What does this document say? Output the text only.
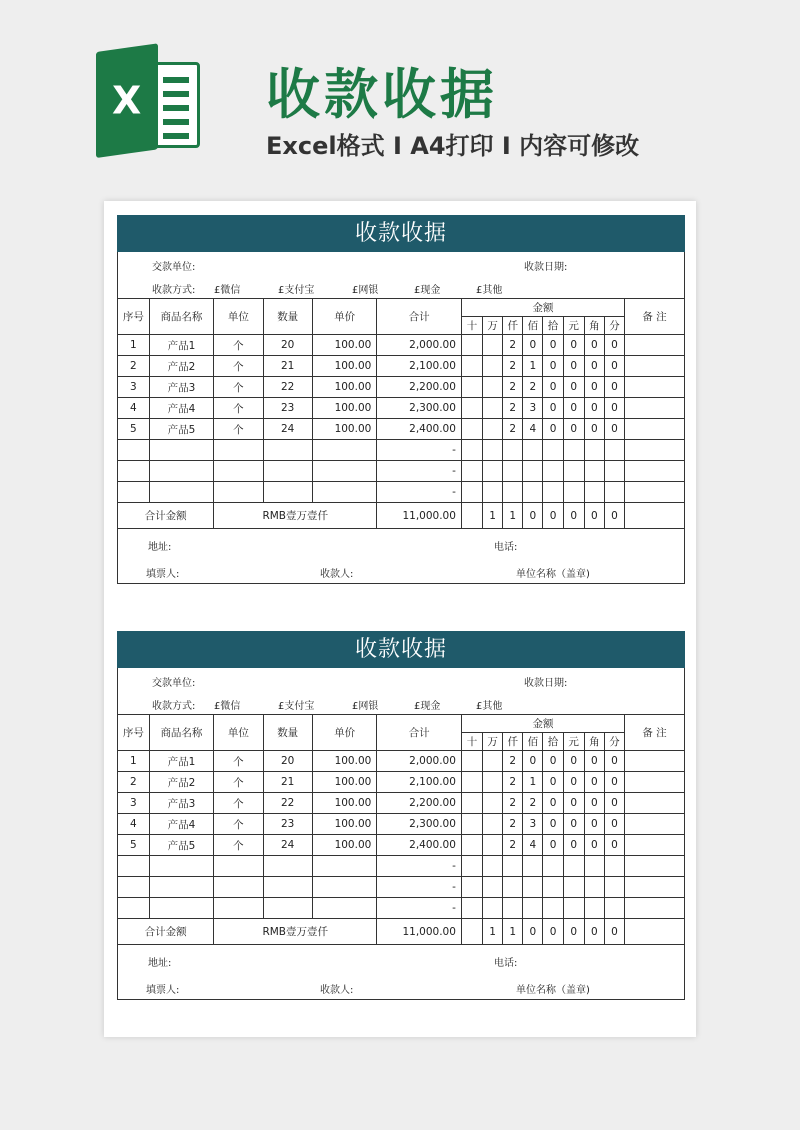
X 收款收据
Excel格式 I A4打印 I 内容可修改
收款收据
交款单位:	收款日期:
收款方式: £微信	£支付宝	£网银	£现金	£其他
序号	商品名称	单位	数量	单价	合计	金额								备 注
						十	万	仟	佰	拾	元	角	分	
1	产品1	个	20	100.00	2,000.00			2	0	0	0	0	0	
2	产品2	个	21	100.00	2,100.00			2	1	0	0	0	0	
3	产品3	个	22	100.00	2,200.00			2	2	0	0	0	0	
4	产品4	个	23	100.00	2,300.00			2	3	0	0	0	0	
5	产品5	个	24	100.00	2,400.00			2	4	0	0	0	0	
					-									
					-									
					-									
合计金额		RMB壹万壹仟			11,000.00		1	1	0	0	0	0	0	
地址:	电话:
填票人:	收款人:	单位名称（盖章)
收款收据
交款单位:	收款日期:
收款方式: £微信	£支付宝	£网银	£现金	£其他
序号	商品名称	单位	数量	单价	合计	金额								备 注
						十	万	仟	佰	拾	元	角	分	
1	产品1	个	20	100.00	2,000.00			2	0	0	0	0	0	
2	产品2	个	21	100.00	2,100.00			2	1	0	0	0	0	
3	产品3	个	22	100.00	2,200.00			2	2	0	0	0	0	
4	产品4	个	23	100.00	2,300.00			2	3	0	0	0	0	
5	产品5	个	24	100.00	2,400.00			2	4	0	0	0	0	
					-									
					-									
					-									
合计金额		RMB壹万壹仟			11,000.00		1	1	0	0	0	0	0	
地址:	电话:
填票人:	收款人:	单位名称（盖章)
